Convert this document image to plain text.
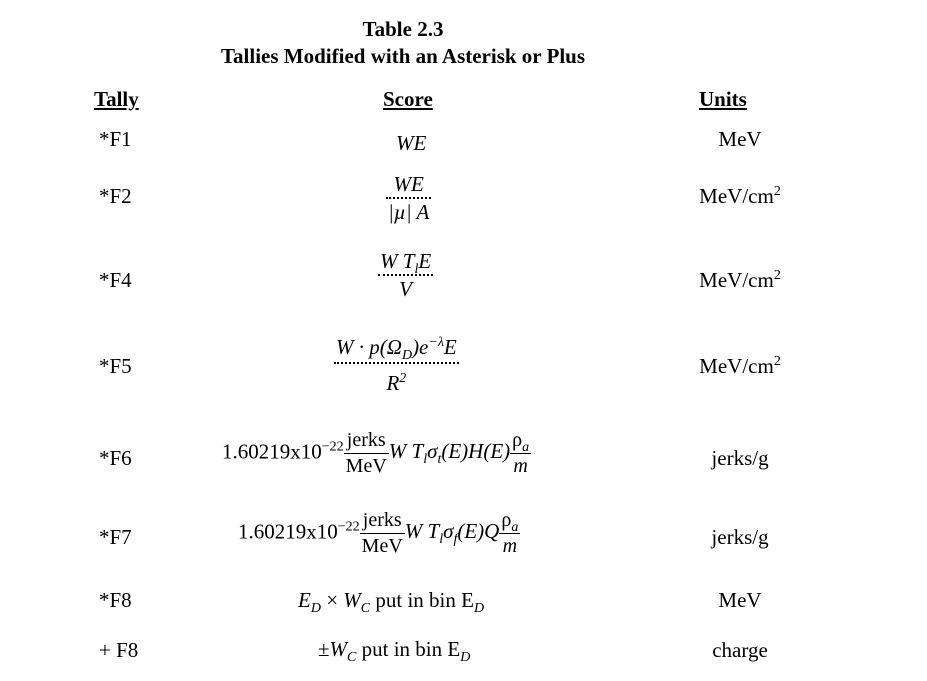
Table 2.3
Tallies Modified with an Asterisk or Plus
Tally	Score	Units
*F1	WE	MeV
*F2	$\frac{WE}{\text{|µ| A}}$	MeV/$cm^2$
*F4	$\frac{W T_lE}{V}$	MeV/$cm^2$
*F5	$\frac{W \cdot p(\Omega_D)e^{-\lambda}E}{R^2}$	MeV/$cm^2$
*F6	$1.60219x10^{-22} \frac{\text{jerks}}{\text{MeV}}$ W $T_l\sigma_t(E)H(E) \frac{\rho_a}{m}$	jerks/g
*F7	$1.60219x10^{-22} \frac{\text{jerks}}{\text{MeV}}$ W $T_l\sigma_f(E)Q \frac{\rho_a}{m}$	jerks/g
*F8	$E_D \times W_C$ put in bin $E_D$	MeV
+ F8	$\pm W_C$ put in bin $E_D$	charge
